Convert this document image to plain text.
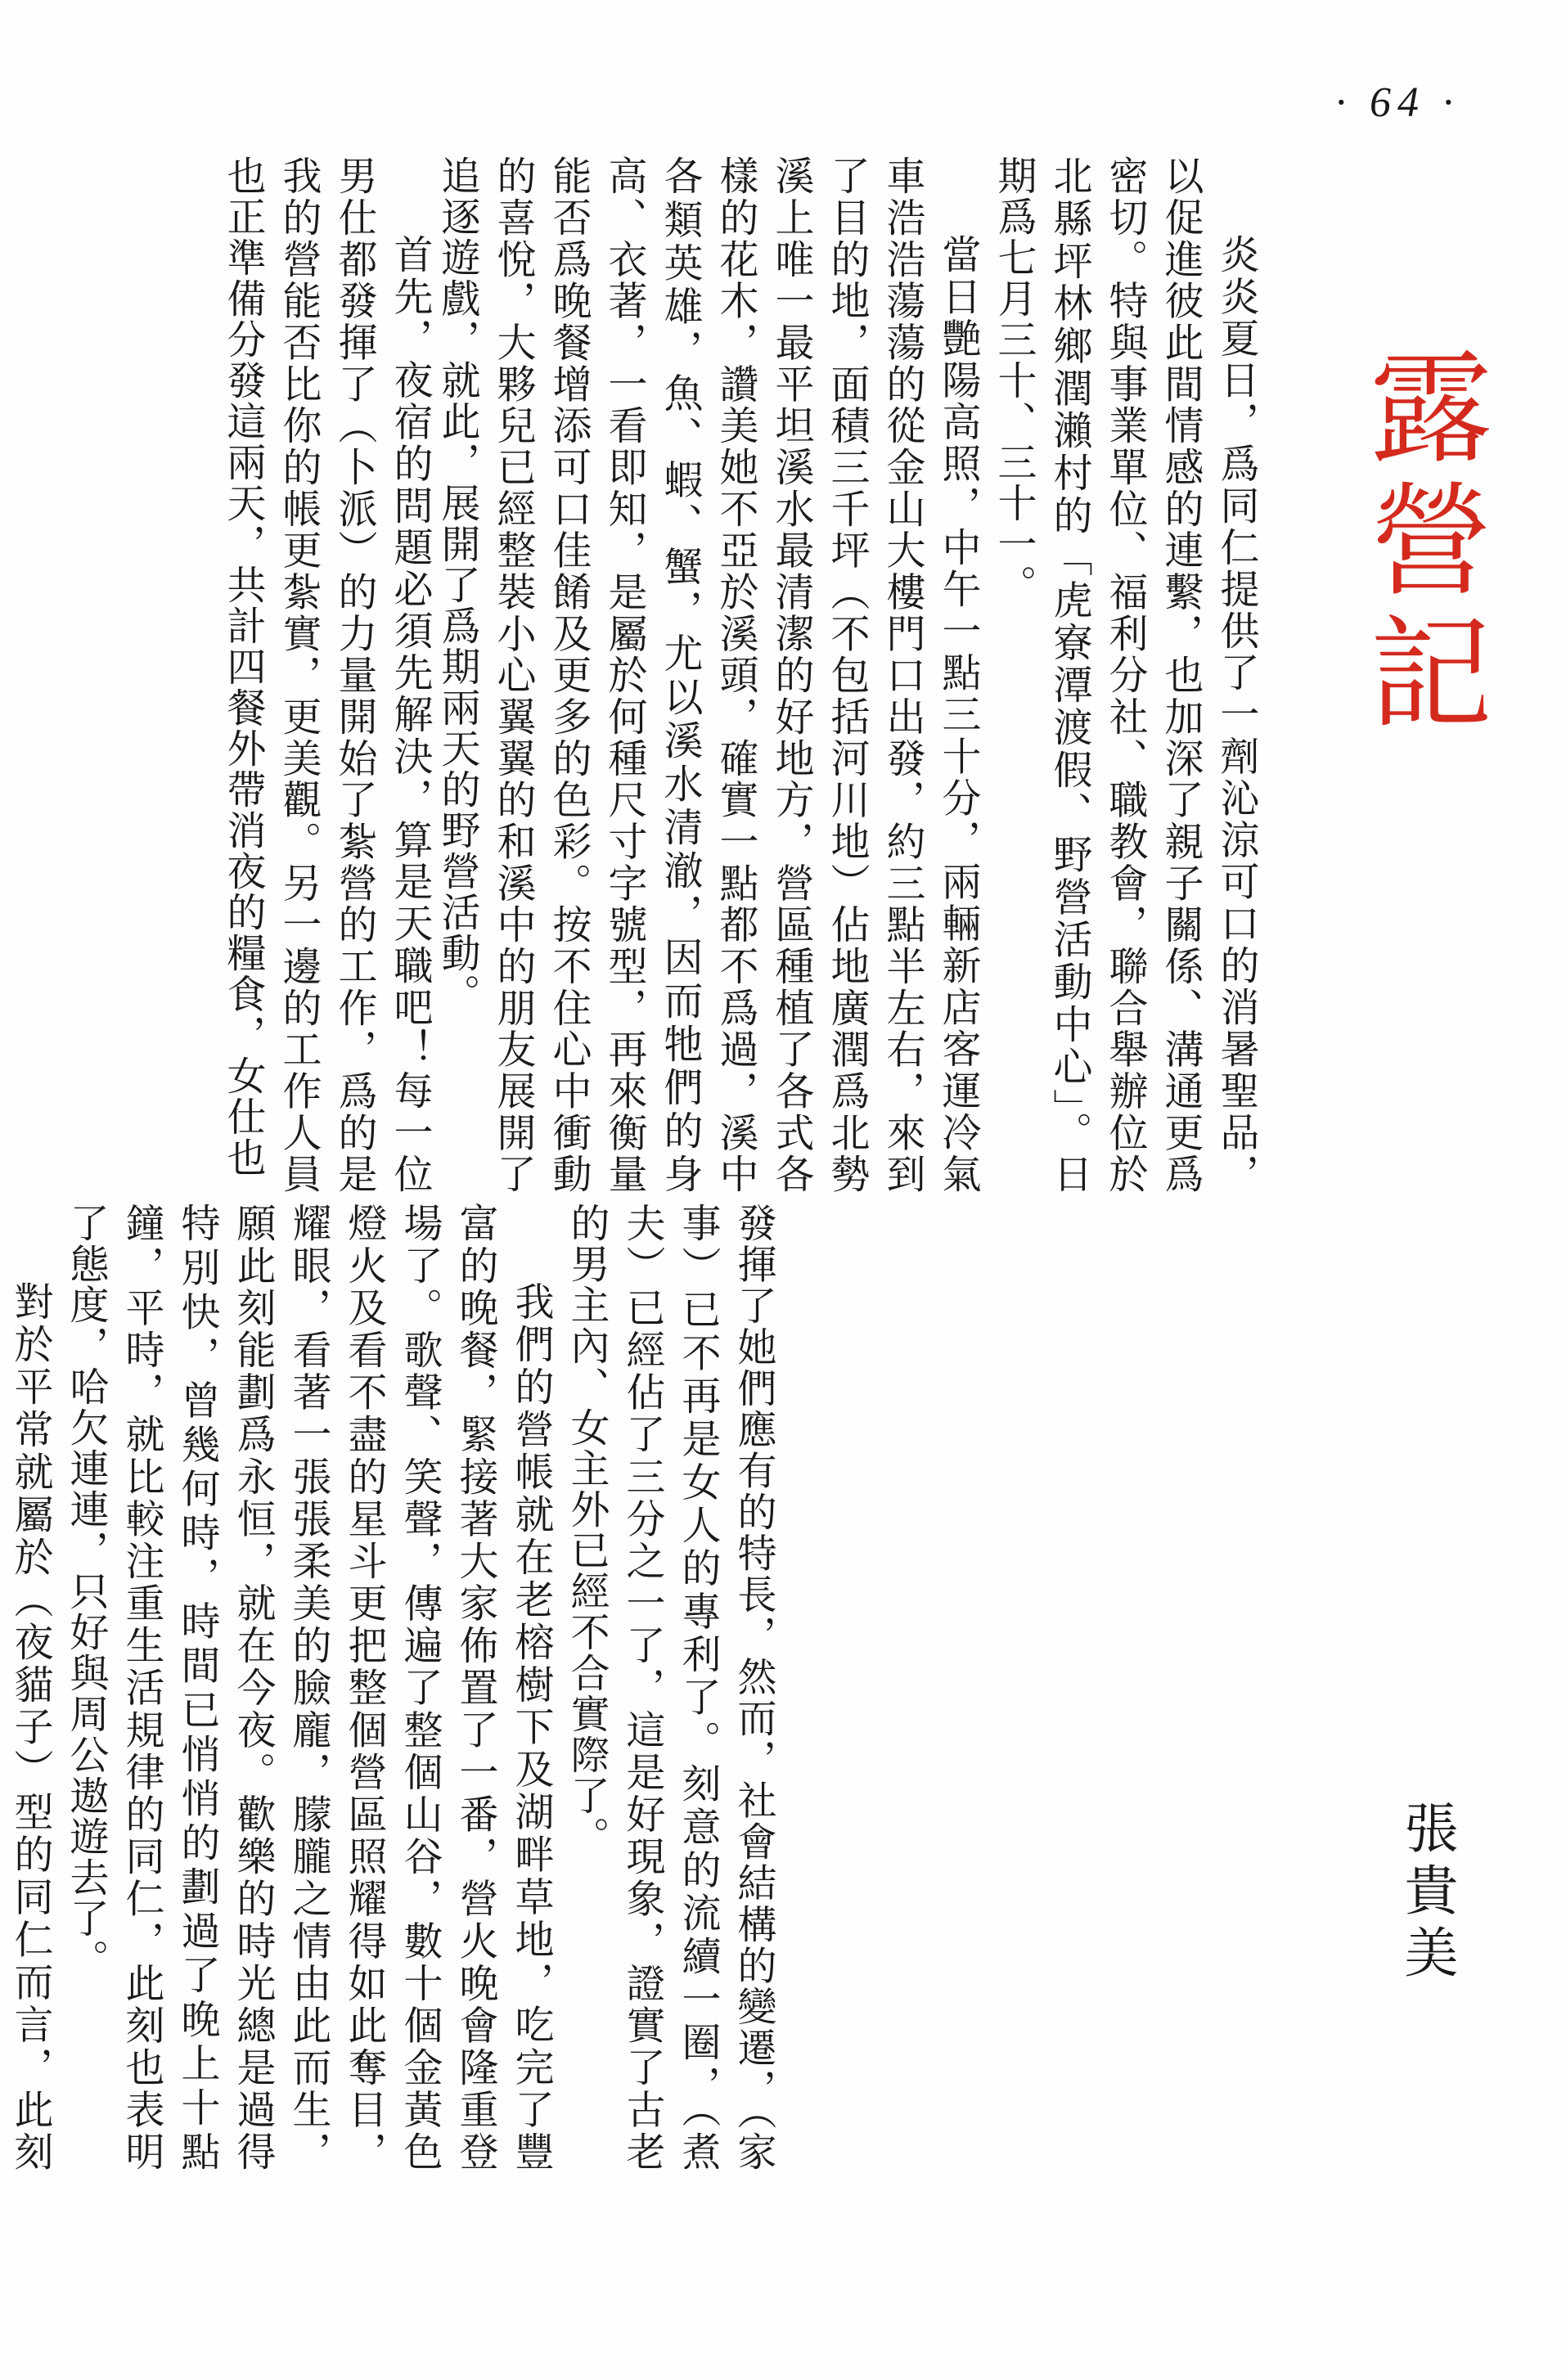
· 64 ·
露營記
張貴美

炎炎夏日，爲同仁提供了一劑沁涼可口的消暑聖品，以促進彼此間情感的連繫，也加深了親子關係、溝通更爲密切。特與事業單位、福利分社、職教會，聯合舉辦位於北縣坪林鄉潤瀨村的「虎寮潭渡假、野營活動中心」。日期爲七月三十、三十一。

當日艷陽高照，中午一點三十分，兩輛新店客運冷氣車浩浩蕩蕩的從金山大樓門口出發，約三點半左右，來到了目的地，面積三千坪（不包括河川地）佔地廣潤爲北勢溪上唯一最平坦溪水最清潔的好地方，營區種植了各式各樣的花木，讚美她不亞於溪頭，確實一點都不爲過，溪中各類英雄，魚、蝦、蟹，尤以溪水清澈，因而牠們的身高、衣著，一看即知，是屬於何種尺寸字號型，再來衡量能否爲晚餐增添可口佳餚及更多的色彩。按不住心中衝動的喜悅，大夥兒已經整裝小心翼翼的和溪中的朋友展開了追逐遊戲，就此，展開了爲期兩天的野營活動。

首先，夜宿的問題必須先解決，算是天職吧！每一位男仕都發揮了（卜派）的力量開始了紮營的工作，爲的是我的營能否比你的帳更紮實，更美觀。另一邊的工作人員也正準備分發這兩天，共計四餐外帶消夜的糧食，女仕也

發揮了她們應有的特長，然而，社會結構的變遷，（家事）已不再是女人的專利了。刻意的流續一圈，（煮夫）已經佔了三分之一了，這是好現象，證實了古老的男主內、女主外已經不合實際了。

我們的營帳就在老榕樹下及湖畔草地，吃完了豐富的晚餐，緊接著大家佈置了一番，營火晚會隆重登場了。歌聲、笑聲，傳遍了整個山谷，數十個金黃色燈火及看不盡的星斗更把整個營區照耀得如此奪目，耀眼，看著一張張柔美的臉龐，朦朧之情由此而生，願此刻能劃爲永恒，就在今夜。歡樂的時光總是過得特別快，曾幾何時，時間已悄悄的劃過了晚上十點鐘，平時，就比較注重生活規律的同仁，此刻也表明了態度，哈欠連連，只好與周公遨遊去了。

對於平常就屬於（夜貓子）型的同仁而言，此刻
